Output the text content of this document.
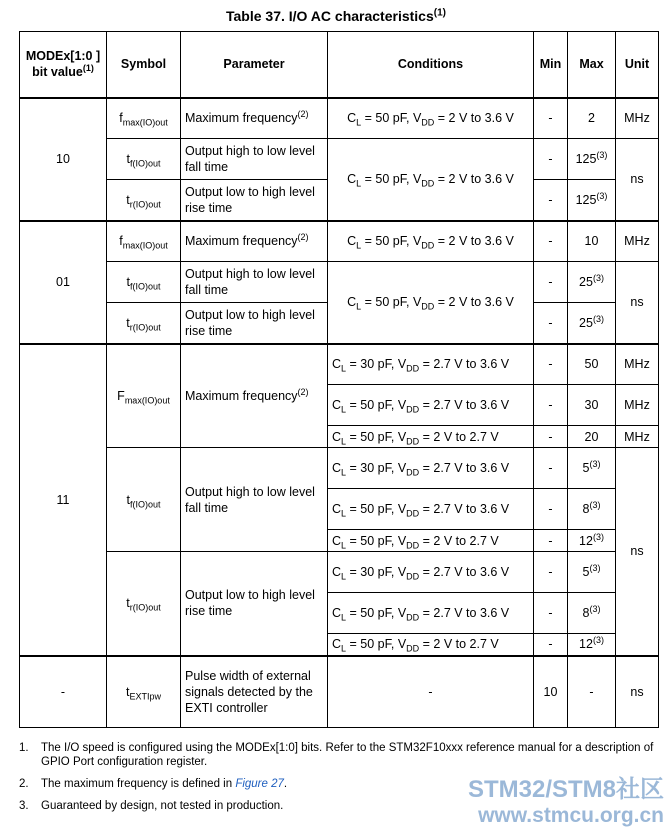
Table 37. I/O AC characteristics$^{(1)}$
MODEx[1:0 ] bit value$^{(1)}$	Symbol	Parameter	Conditions	Min	Max	Unit
10	$f_{max(IO)out}$	Maximum frequency$^{(2)}$	$C_L = 50$ pF, $V_{DD} = 2$ V to 3.6 V	-	2	MHz
	$t_{f(IO)out}$	Output high to low level fall time	$C_L = 50$ pF, $V_{DD} = 2$ V to 3.6 V	-	125$^{(3)}$	ns
	$t_{r(IO)out}$	Output low to high level rise time		-	125$^{(3)}$
01	$f_{max(IO)out}$	Maximum frequency$^{(2)}$	$C_L = 50$ pF, $V_{DD} = 2$ V to 3.6 V	-	10	MHz
	$t_{f(IO)out}$	Output high to low level fall time	$C_L = 50$ pF, $V_{DD} = 2$ V to 3.6 V	-	25$^{(3)}$	ns
	$t_{r(IO)out}$	Output low to high level rise time		-	25$^{(3)}$
11	$F_{max(IO)out}$	Maximum frequency$^{(2)}$	$C_L = 30$ pF, $V_{DD} = 2.7$ V to 3.6 V	-	50	MHz
			$C_L = 50$ pF, $V_{DD} = 2.7$ V to 3.6 V	-	30	MHz
			$C_L = 50$ pF, $V_{DD} = 2$ V to 2.7 V	-	20	MHz
	$t_{f(IO)out}$	Output high to low level fall time	$C_L = 30$ pF, $V_{DD} = 2.7$ V to 3.6 V	-	5$^{(3)}$	ns
			$C_L = 50$ pF, $V_{DD} = 2.7$ V to 3.6 V	-	8$^{(3)}$
			$C_L = 50$ pF, $V_{DD} = 2$ V to 2.7 V	-	12$^{(3)}$
	$t_{r(IO)out}$	Output low to high level rise time	$C_L = 30$ pF, $V_{DD} = 2.7$ V to 3.6 V	-	5$^{(3)}$
			$C_L = 50$ pF, $V_{DD} = 2.7$ V to 3.6 V	-	8$^{(3)}$
			$C_L = 50$ pF, $V_{DD} = 2$ V to 2.7 V	-	12$^{(3)}$
-	$t_{EXTIpw}$	Pulse width of external signals detected by the EXTI controller	-	10	-	ns
1.	The I/O speed is configured using the MODEx[1:0] bits. Refer to the STM32F10xxx reference manual for a description of GPIO Port configuration register.
2.	The maximum frequency is defined in Figure 27.
3.	Guaranteed by design, not tested in production.
STM32/STM8社区
www.stmcu.org.cn
